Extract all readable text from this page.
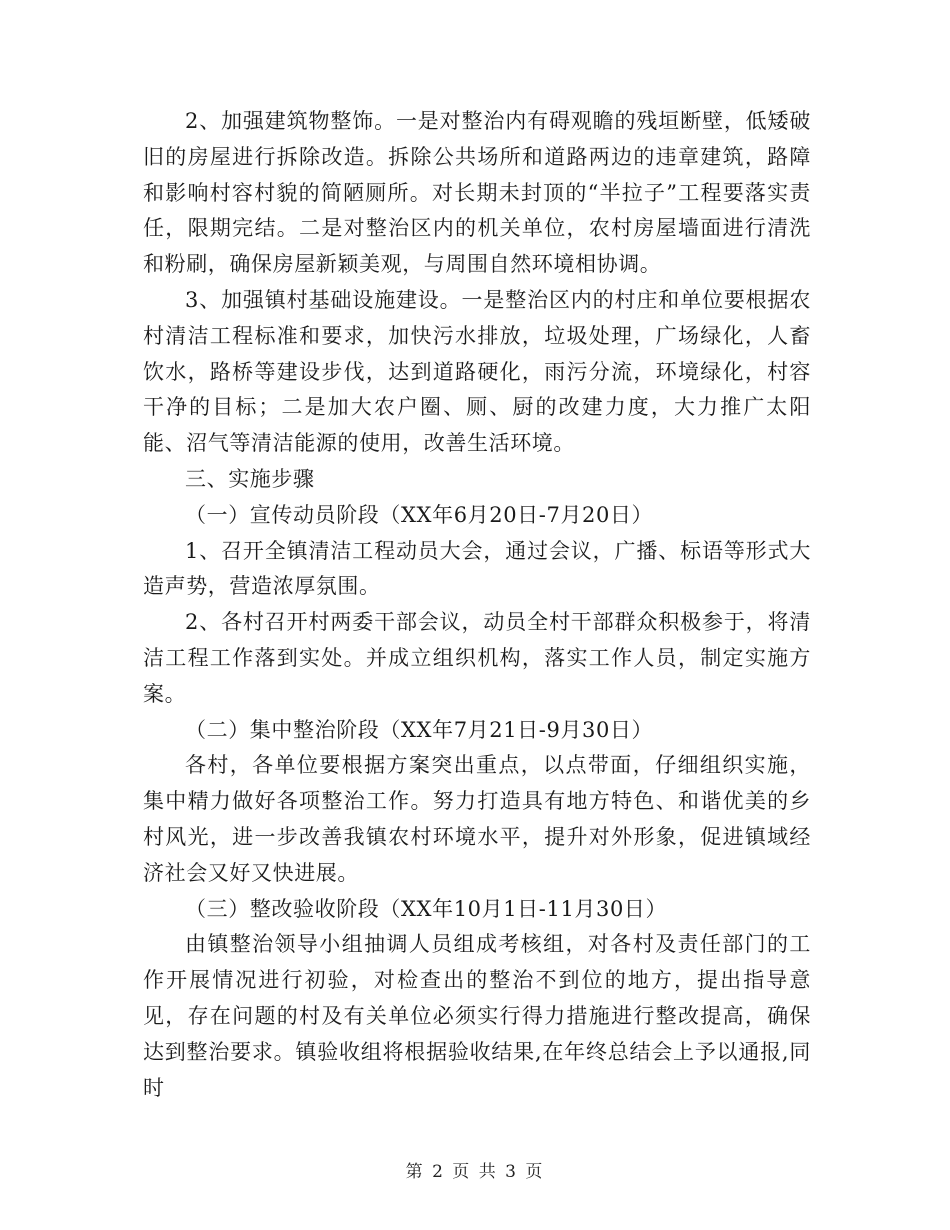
2、加强建筑物整饰。一是对整治内有碍观瞻的残垣断壁，低矮破旧的房屋进行拆除改造。拆除公共场所和道路两边的违章建筑，路障和影响村容村貌的简陋厕所。对长期未封顶的“半拉子”工程要落实责任，限期完结。二是对整治区内的机关单位，农村房屋墙面进行清洗和粉刷，确保房屋新颖美观，与周围自然环境相协调。

3、加强镇村基础设施建设。一是整治区内的村庄和单位要根据农村清洁工程标准和要求，加快污水排放，垃圾处理，广场绿化，人畜饮水，路桥等建设步伐，达到道路硬化，雨污分流，环境绿化，村容干净的目标；二是加大农户圈、厕、厨的改建力度，大力推广太阳能、沼气等清洁能源的使用，改善生活环境。

三、实施步骤

（一）宣传动员阶段（XX年6月20日-7月20日）

1、召开全镇清洁工程动员大会，通过会议，广播、标语等形式大造声势，营造浓厚氛围。

2、各村召开村两委干部会议，动员全村干部群众积极参于，将清洁工程工作落到实处。并成立组织机构，落实工作人员，制定实施方案。

（二）集中整治阶段（XX年7月21日-9月30日）

各村，各单位要根据方案突出重点，以点带面，仔细组织实施，集中精力做好各项整治工作。努力打造具有地方特色、和谐优美的乡村风光，进一步改善我镇农村环境水平，提升对外形象，促进镇域经济社会又好又快进展。

（三）整改验收阶段（XX年10月1日-11月30日）

由镇整治领导小组抽调人员组成考核组，对各村及责任部门的工作开展情况进行初验，对检查出的整治不到位的地方，提出指导意见，存在问题的村及有关单位必须实行得力措施进行整改提高，确保达到整治要求。镇验收组将根据验收结果,在年终总结会上予以通报,同时

第 2 页 共 3 页
